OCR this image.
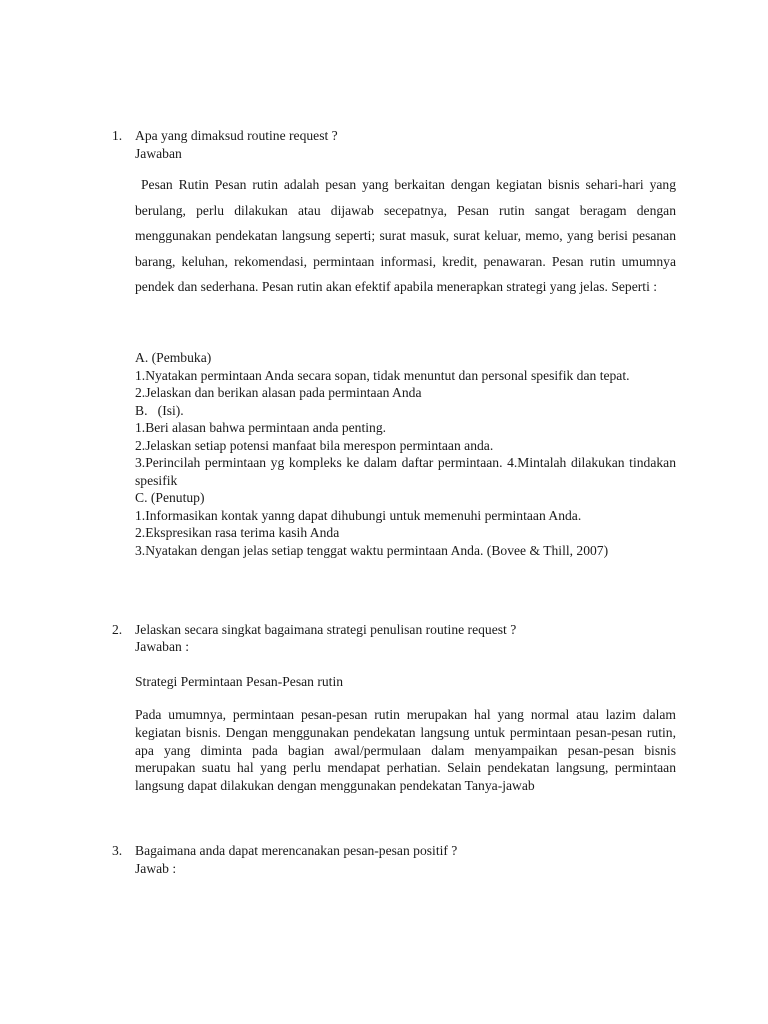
1. Apa yang dimaksud routine request ?
Jawaban
Pesan Rutin Pesan rutin adalah pesan yang berkaitan dengan kegiatan bisnis sehari-hari yang berulang, perlu dilakukan atau dijawab secepatnya, Pesan rutin sangat beragam dengan menggunakan pendekatan langsung seperti; surat masuk, surat keluar, memo, yang berisi pesanan barang, keluhan, rekomendasi, permintaan informasi, kredit, penawaran. Pesan rutin umumnya pendek dan sederhana. Pesan rutin akan efektif apabila menerapkan strategi yang jelas. Seperti :
A. (Pembuka)
1.Nyatakan permintaan Anda secara sopan, tidak menuntut dan personal spesifik dan tepat.
2.Jelaskan dan berikan alasan pada permintaan Anda
B.   (Isi).
1.Beri alasan bahwa permintaan anda penting.
2.Jelaskan setiap potensi manfaat bila merespon permintaan anda.
3.Perincilah permintaan yg kompleks ke dalam daftar permintaan. 4.Mintalah dilakukan tindakan spesifik
C. (Penutup)
1.Informasikan kontak yanng dapat dihubungi untuk memenuhi permintaan Anda.
2.Ekspresikan rasa terima kasih Anda
3.Nyatakan dengan jelas setiap tenggat waktu permintaan Anda. (Bovee & Thill, 2007)
2. Jelaskan secara singkat bagaimana strategi penulisan routine request ?
Jawaban :
Strategi Permintaan Pesan-Pesan rutin
Pada umumnya, permintaan pesan-pesan rutin merupakan hal yang normal atau lazim dalam kegiatan bisnis. Dengan menggunakan pendekatan langsung untuk permintaan pesan-pesan rutin, apa yang diminta pada bagian awal/permulaan dalam menyampaikan pesan-pesan bisnis merupakan suatu hal yang perlu mendapat perhatian. Selain pendekatan langsung, permintaan langsung dapat dilakukan dengan menggunakan pendekatan Tanya-jawab
3. Bagaimana anda dapat merencanakan pesan-pesan positif ?
Jawab :
